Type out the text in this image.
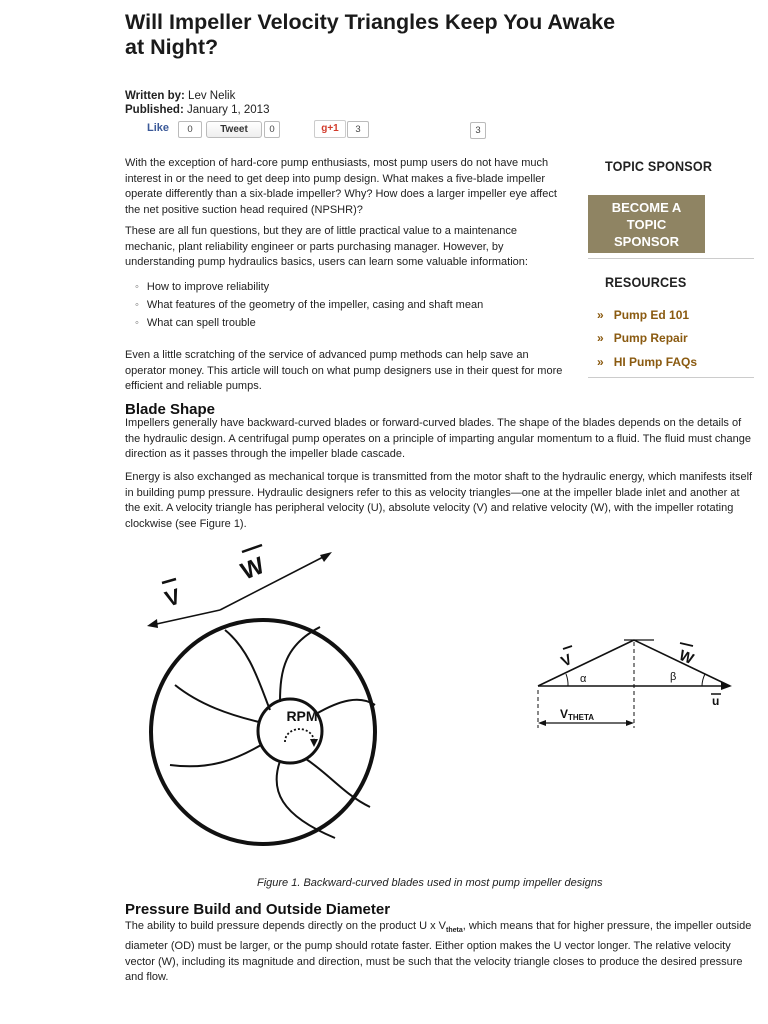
Will Impeller Velocity Triangles Keep You Awake at Night?
Written by: Lev Nelik
Published: January 1, 2013
Like	0	Tweet	0	g+1	3	3

With the exception of hard-core pump enthusiasts, most pump users do not have much interest in or the need to get deep into pump design. What makes a five-blade impeller operate differently than a six-blade impeller? Why? How does a larger impeller eye affect the net positive suction head required (NPSHR)?

These are all fun questions, but they are of little practical value to a maintenance mechanic, plant reliability engineer or parts purchasing manager. However, by understanding pump hydraulics basics, users can learn some valuable information:

◦ How to improve reliability
◦ What features of the geometry of the impeller, casing and shaft mean
◦ What can spell trouble

Even a little scratching of the service of advanced pump methods can help save an operator money. This article will touch on what pump designers use in their quest for more efficient and reliable pumps.

TOPIC SPONSOR
BECOME A TOPIC SPONSOR
RESOURCES
» Pump Ed 101
» Pump Repair
» HI Pump FAQs
Blade Shape

Impellers generally have backward-curved blades or forward-curved blades. The shape of the blades depends on the details of the hydraulic design. A centrifugal pump operates on a principle of imparting angular momentum to a fluid. The fluid must change direction as it passes through the impeller blade cascade.

Energy is also exchanged as mechanical torque is transmitted from the motor shaft to the hydraulic energy, which manifests itself in building pump pressure. Hydraulic designers refer to this as velocity triangles—one at the impeller blade inlet and another at the exit. A velocity triangle has peripheral velocity (U), absolute velocity (V) and relative velocity (W), with the impeller rotating clockwise (see Figure 1).

V
W
RPM
V	W
α	β
u
VTHETA
Figure 1. Backward-curved blades used in most pump impeller designs
Pressure Build and Outside Diameter

The ability to build pressure depends directly on the product U x $V_{theta}$, which means that for higher pressure, the impeller outside diameter (OD) must be larger, or the pump should rotate faster. Either option makes the U vector longer. The relative velocity vector (W), including its magnitude and direction, must be such that the velocity triangle closes to produce the desired pressure and flow.
